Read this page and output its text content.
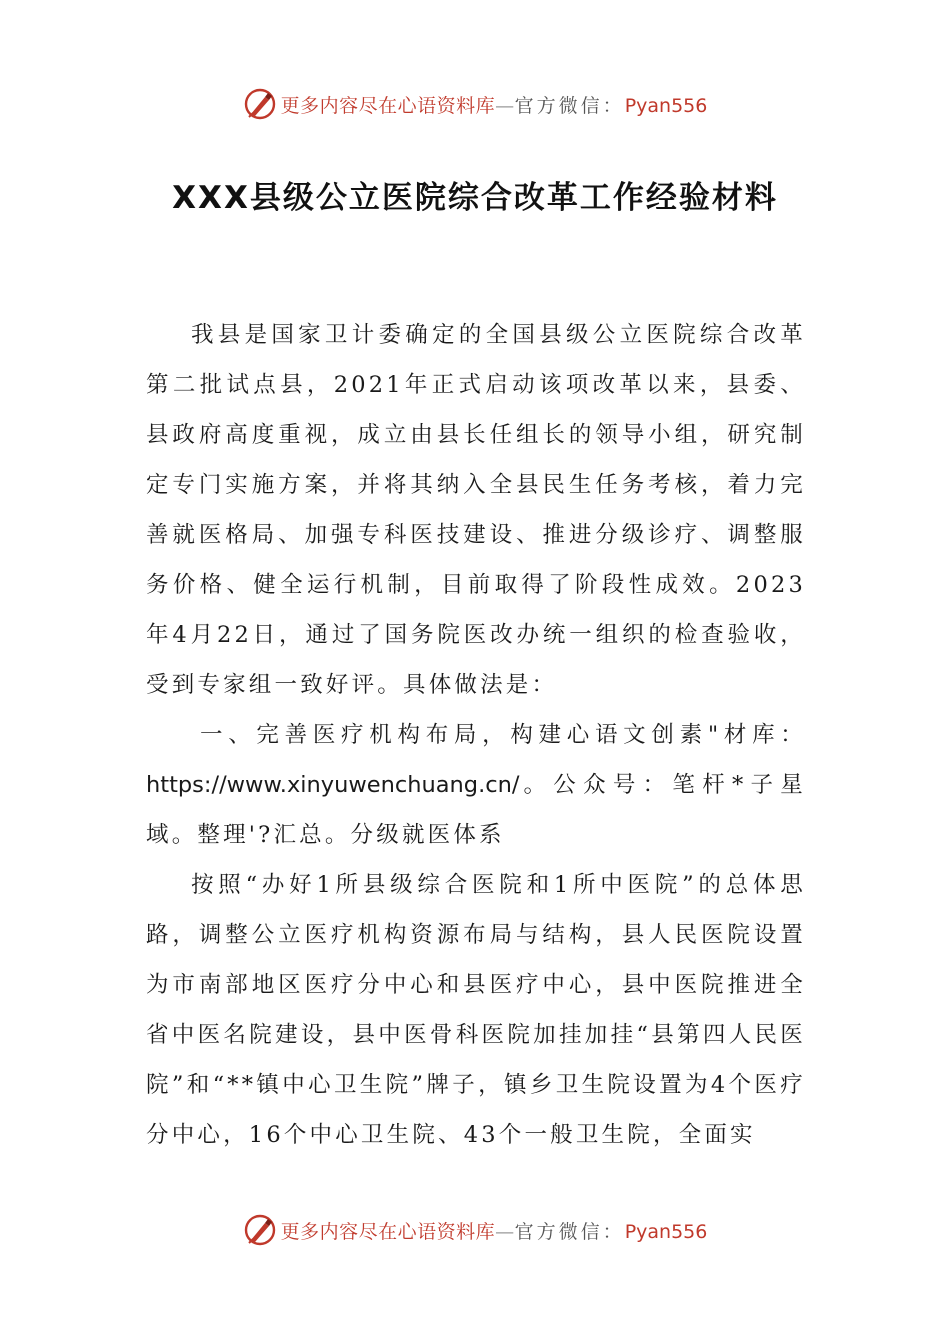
更多内容尽在心语资料库—官方微信：Pyan556
XXX县级公立医院综合改革工作经验材料

我县是国家卫计委确定的全国县级公立医院综合改革第二批试点县，2021年正式启动该项改革以来，县委、县政府高度重视，成立由县长任组长的领导小组，研究制定专门实施方案，并将其纳入全县民生任务考核，着力完善就医格局、加强专科医技建设、推进分级诊疗、调整服务价格、健全运行机制，目前取得了阶段性成效。2023年4月22日，通过了国务院医改办统一组织的检查验收，受到专家组一致好评。具体做法是：

一、完善医疗机构布局，构建心语文创素"材库：https://www.xinyuwenchuang.cn/。公众号：笔杆*子星域。整理'?汇总。分级就医体系

按照“办好1所县级综合医院和1所中医院”的总体思路，调整公立医疗机构资源布局与结构，县人民医院设置为市南部地区医疗分中心和县医疗中心，县中医院推进全省中医名院建设，县中医骨科医院加挂加挂“县第四人民医院”和“**镇中心卫生院”牌子，镇乡卫生院设置为4个医疗分中心，16个中心卫生院、43个一般卫生院，全面实

更多内容尽在心语资料库—官方微信：Pyan556
